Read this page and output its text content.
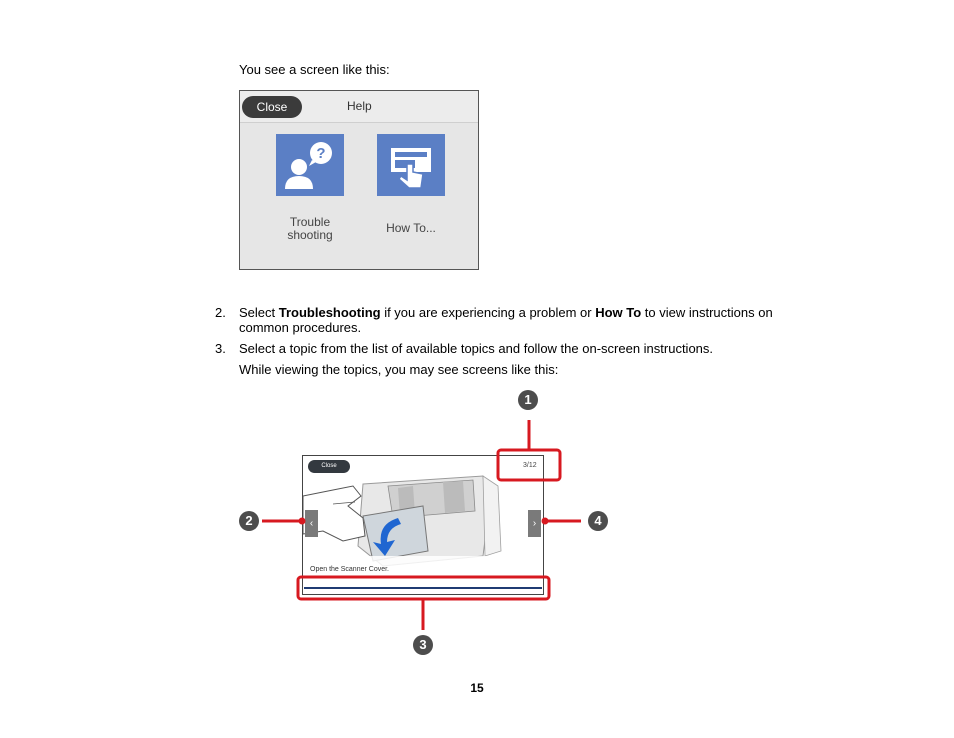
You see a screen like this:
Close	Help
?
Trouble
shooting	How To...
2. Select Troubleshooting if you are experiencing a problem or How To to view instructions on
common procedures.
3. Select a topic from the list of available topics and follow the on-screen instructions.
While viewing the topics, you may see screens like this:
Close	3/12
‹	›
Open the Scanner Cover.
1
2
3
4
15
